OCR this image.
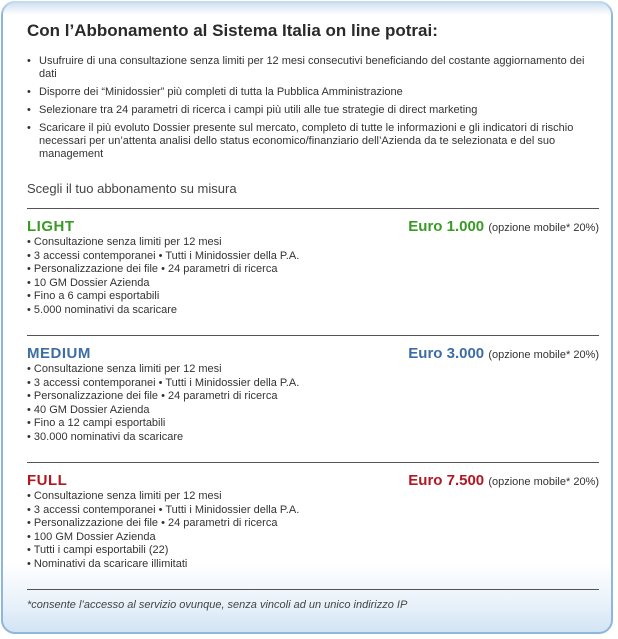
Con l’Abbonamento al Sistema Italia on line potrai:
• Usufruire di una consultazione senza limiti per 12 mesi consecutivi beneficiando del costante aggiornamento dei dati
• Disporre dei “Minidossier” più completi di tutta la Pubblica Amministrazione
• Selezionare tra 24 parametri di ricerca i campi più utili alle tue strategie di direct marketing
• Scaricare il più evoluto Dossier presente sul mercato, completo di tutte le informazioni e gli indicatori di rischio necessari per un’attenta analisi dello status economico/finanziario dell’Azienda da te selezionata e del suo management
Scegli il tuo abbonamento su misura
LIGHT	Euro 1.000 (opzione mobile* 20%)
• Consultazione senza limiti per 12 mesi
• 3 accessi contemporanei • Tutti i Minidossier della P.A.
• Personalizzazione dei file • 24 parametri di ricerca
• 10 GM Dossier Azienda
• Fino a 6 campi esportabili
• 5.000 nominativi da scaricare
MEDIUM	Euro 3.000 (opzione mobile* 20%)
• Consultazione senza limiti per 12 mesi
• 3 accessi contemporanei • Tutti i Minidossier della P.A.
• Personalizzazione dei file • 24 parametri di ricerca
• 40 GM Dossier Azienda
• Fino a 12 campi esportabili
• 30.000 nominativi da scaricare
FULL	Euro 7.500 (opzione mobile* 20%)
• Consultazione senza limiti per 12 mesi
• 3 accessi contemporanei • Tutti i Minidossier della P.A.
• Personalizzazione dei file • 24 parametri di ricerca
• 100 GM Dossier Azienda
• Tutti i campi esportabili (22)
• Nominativi da scaricare illimitati
*consente l’accesso al servizio ovunque, senza vincoli ad un unico indirizzo IP
